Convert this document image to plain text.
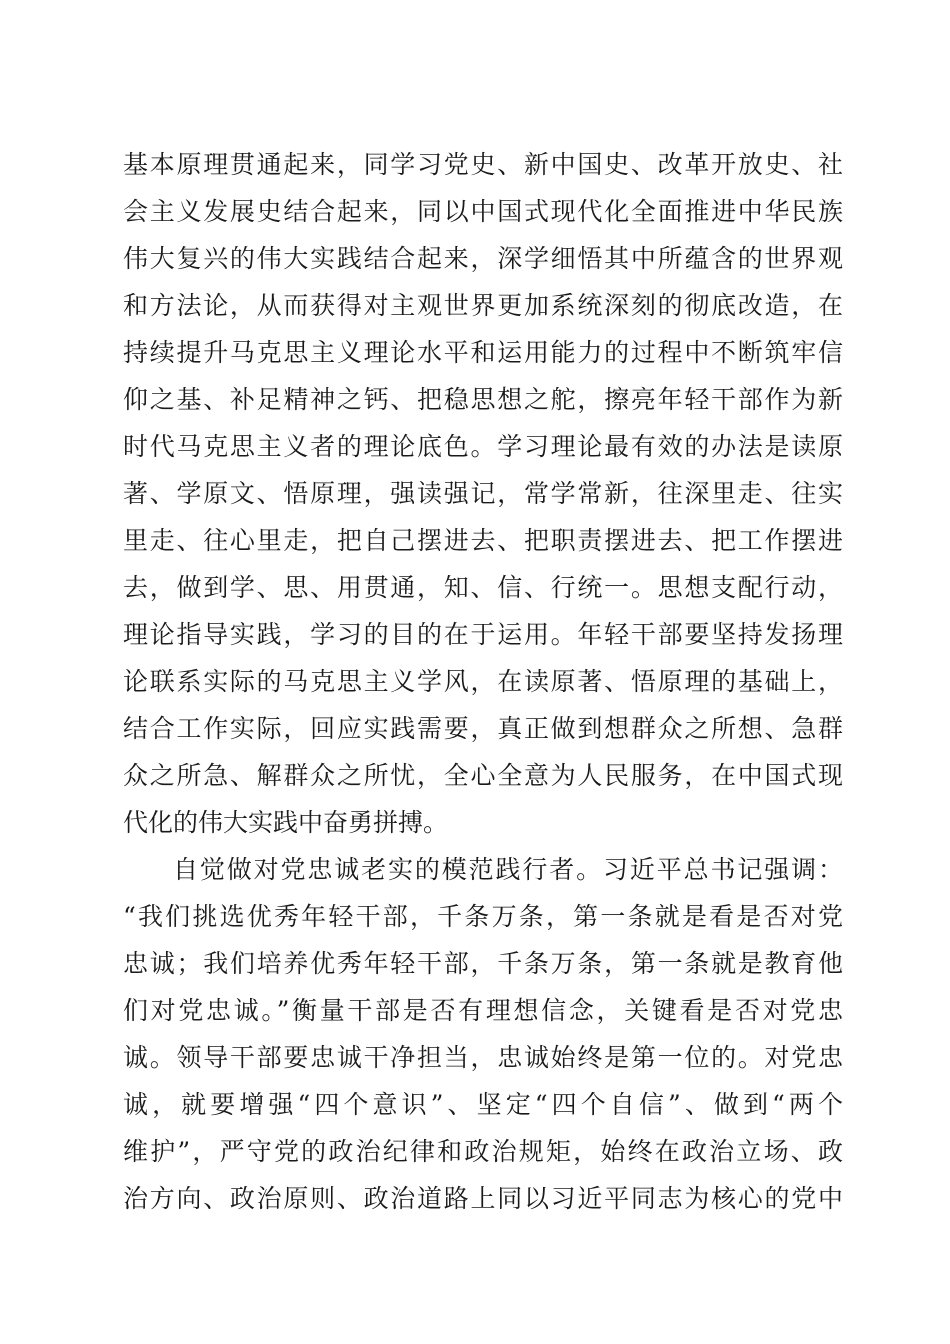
基本原理贯通起来，同学习党史、新中国史、改革开放史、社
会主义发展史结合起来，同以中国式现代化全面推进中华民族
伟大复兴的伟大实践结合起来，深学细悟其中所蕴含的世界观
和方法论，从而获得对主观世界更加系统深刻的彻底改造，在
持续提升马克思主义理论水平和运用能力的过程中不断筑牢信
仰之基、补足精神之钙、把稳思想之舵，擦亮年轻干部作为新
时代马克思主义者的理论底色。学习理论最有效的办法是读原
著、学原文、悟原理，强读强记，常学常新，往深里走、往实
里走、往心里走，把自己摆进去、把职责摆进去、把工作摆进
去，做到学、思、用贯通，知、信、行统一。思想支配行动，
理论指导实践，学习的目的在于运用。年轻干部要坚持发扬理
论联系实际的马克思主义学风，在读原著、悟原理的基础上，
结合工作实际，回应实践需要，真正做到想群众之所想、急群
众之所急、解群众之所忧，全心全意为人民服务，在中国式现
代化的伟大实践中奋勇拼搏。
自觉做对党忠诚老实的模范践行者。习近平总书记强调：
“我们挑选优秀年轻干部，千条万条，第一条就是看是否对党
忠诚；我们培养优秀年轻干部，千条万条，第一条就是教育他
们对党忠诚。”衡量干部是否有理想信念，关键看是否对党忠
诚。领导干部要忠诚干净担当，忠诚始终是第一位的。对党忠
诚，就要增强“四个意识”、坚定“四个自信”、做到“两个
维护”，严守党的政治纪律和政治规矩，始终在政治立场、政
治方向、政治原则、政治道路上同以习近平同志为核心的党中
